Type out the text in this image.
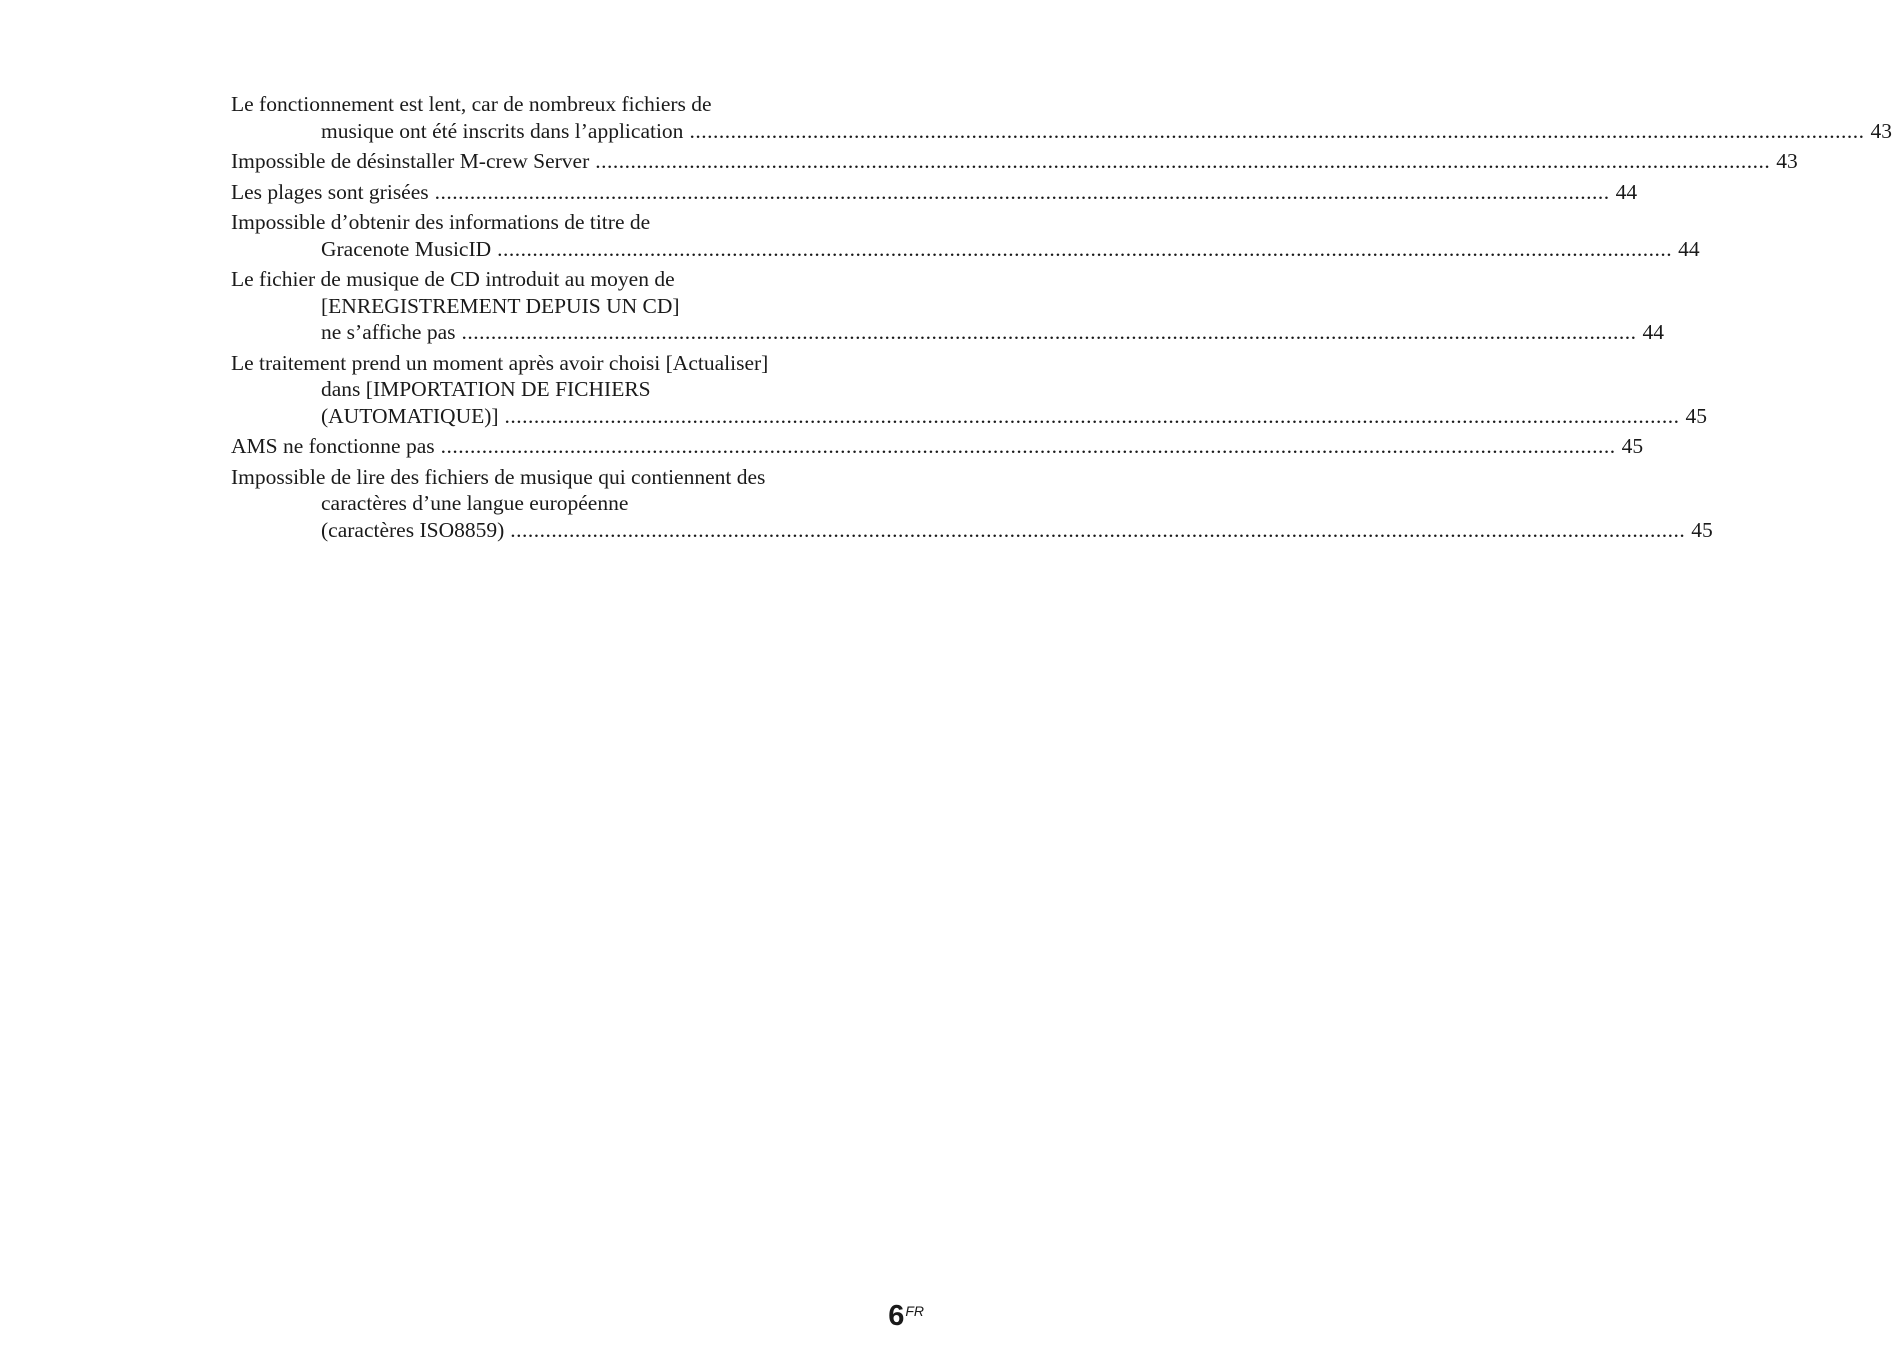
Le fonctionnement est lent, car de nombreux fichiers de
musique ont été inscrits dans l’application ........................................................................................................................................................................................................ 43
Impossible de désinstaller M-crew Server ........................................................................................................................................................................................................ 43
Les plages sont grisées ........................................................................................................................................................................................................ 44
Impossible d’obtenir des informations de titre de
Gracenote MusicID ........................................................................................................................................................................................................ 44
Le fichier de musique de CD introduit au moyen de
[ENREGISTREMENT DEPUIS UN CD]
ne s’affiche pas ........................................................................................................................................................................................................ 44
Le traitement prend un moment après avoir choisi [Actualiser]
dans [IMPORTATION DE FICHIERS
(AUTOMATIQUE)] ........................................................................................................................................................................................................ 45
AMS ne fonctionne pas ........................................................................................................................................................................................................ 45
Impossible de lire des fichiers de musique qui contiennent des
caractères d’une langue européenne
(caractères ISO8859) ........................................................................................................................................................................................................ 45
$6^{FR}$
